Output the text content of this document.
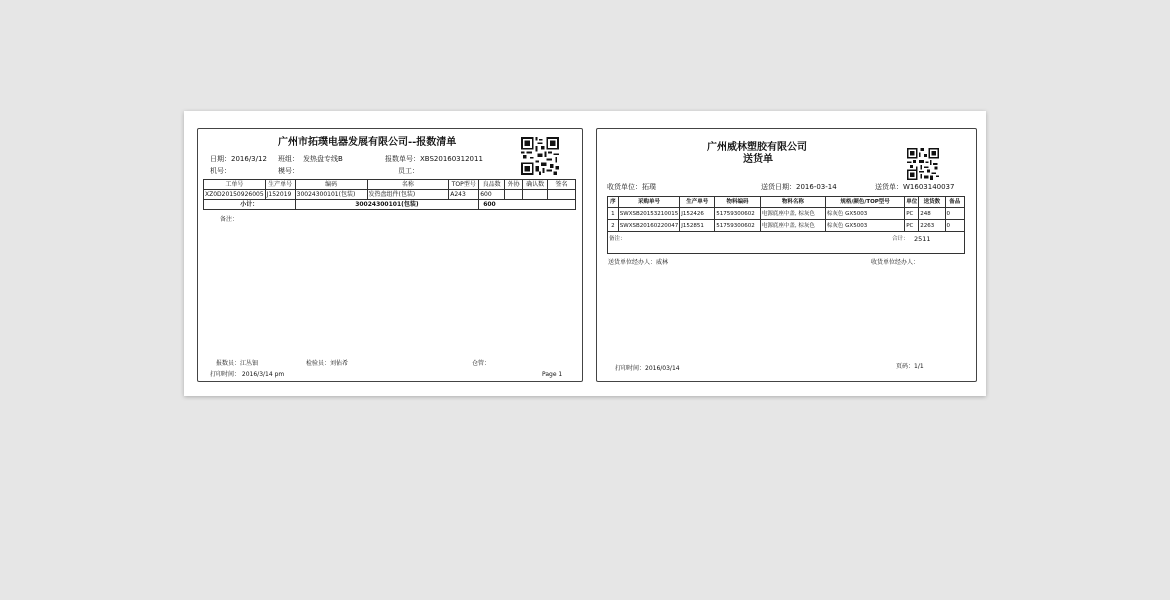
广州市拓璞电器发展有限公司--报数清单
日期：2016/3/12 班组： 发热盘专线B	报数单号： XBS20160312011
机号：	模号：	员工：
工单号	生产单号	编码	名称	TOP型号	良品数	外协	确认数	签名
XZ0D20150926005	J152019	30024300101(包装)	发热盘组件(包装)	A243	600			
小计：		30024300101(包装)			600			
备注：
报数员：江丛钿	检验员：刘佑希	仓管：
打印时间： 2016/3/14 pm	Page 1
广州威林塑胶有限公司
送货单
收货单位：拓璞	送货日期：2016-03-14	送货单：W1603140037
序	采购单号	生产单号	物料编码	物料名称	规格/颜色/TOP型号	单位	送货数	备品
1	SWXSB20153210015	J152426	51759300602	电源底座中盖, 棕灰色	棕灰色 GX5003	PC	248	0
2	SWXSB20160220047	J152851	51759300602	电源底座中盖, 棕灰色	棕灰色 GX5003	PC	2263	0
备注： 合计： 2511								
送货单位经办人：威林	收货单位经办人：
打印时间：2016/03/14	页码：1/1
